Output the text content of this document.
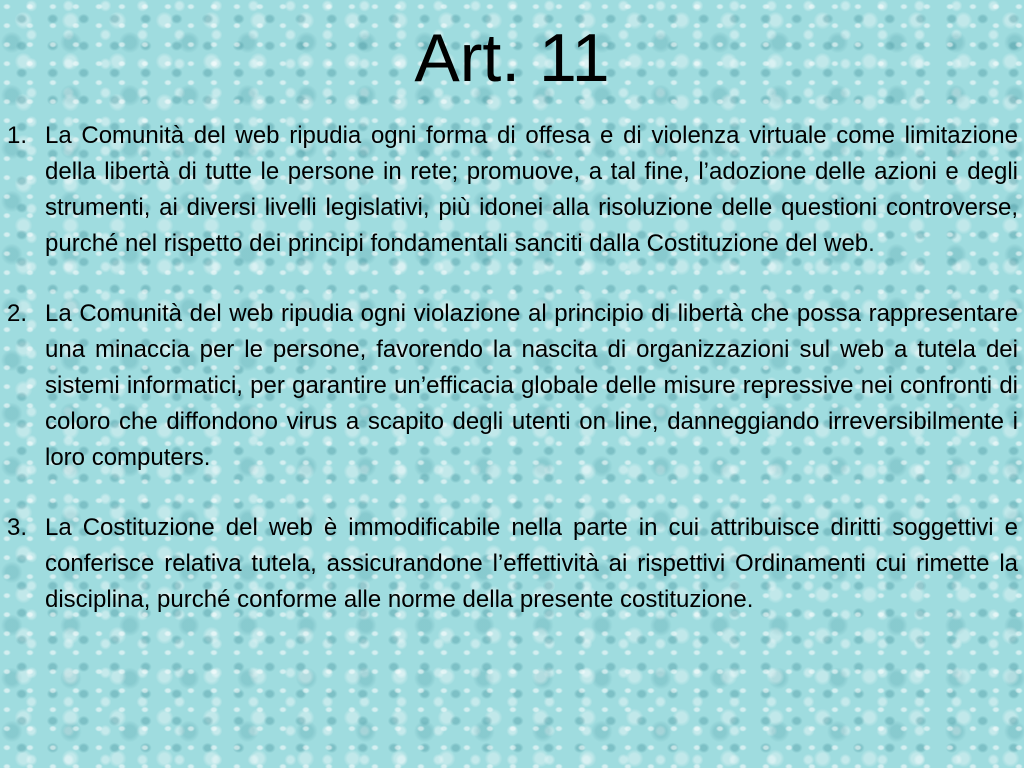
Art. 11
1. La Comunità del web ripudia ogni forma di offesa e di violenza virtuale come limitazione della libertà di tutte le persone in rete; promuove, a tal fine, l’adozione delle azioni e degli strumenti, ai diversi livelli legislativi, più idonei alla risoluzione delle questioni controverse, purché nel rispetto dei principi fondamentali sanciti dalla Costituzione del web.
2. La Comunità del web ripudia ogni violazione al principio di libertà che possa rappresentare una minaccia per le persone, favorendo la nascita di organizzazioni sul web a tutela dei sistemi informatici, per garantire un’efficacia globale delle misure repressive nei confronti di coloro che diffondono virus a scapito degli utenti on line, danneggiando irreversibilmente i loro computers.
3. La Costituzione del web è immodificabile nella parte in cui attribuisce diritti soggettivi e conferisce relativa tutela, assicurandone l’effettività ai rispettivi Ordinamenti cui rimette la disciplina, purché conforme alle norme della presente costituzione.
